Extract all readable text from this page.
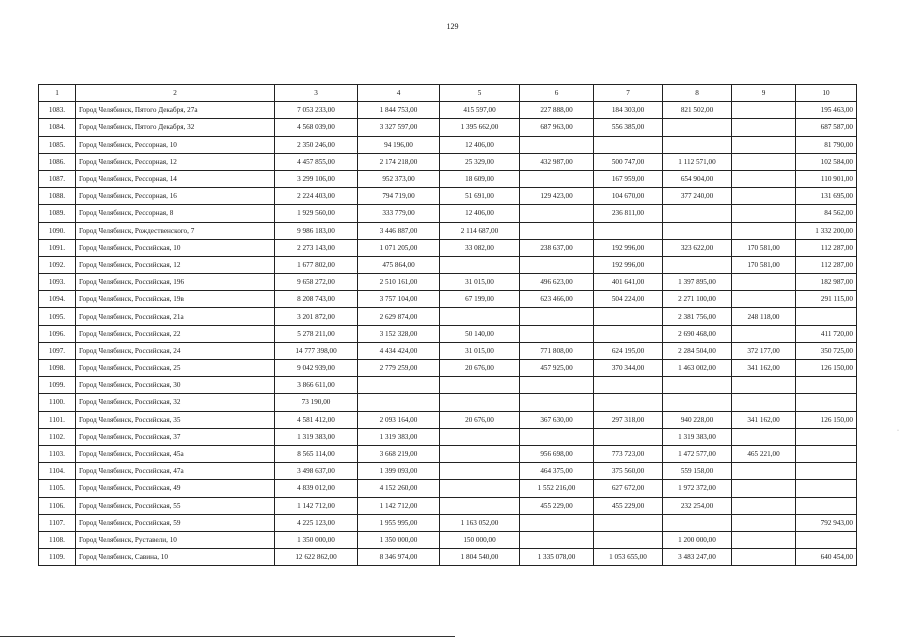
129
1	2	3	4	5	6	7	8	9	10
1083.	Город Челябинск, Пятого Декабря, 27а	7 053 233,00	1 844 753,00	415 597,00	227 888,00	184 303,00	821 502,00		195 463,00
1084.	Город Челябинск, Пятого Декабря, 32	4 568 039,00	3 327 597,00	1 395 662,00	687 963,00	556 385,00			687 587,00
1085.	Город Челябинск, Рессорная, 10	2 350 246,00	94 196,00	12 406,00					81 790,00
1086.	Город Челябинск, Рессорная, 12	4 457 855,00	2 174 218,00	25 329,00	432 987,00	500 747,00	1 112 571,00		102 584,00
1087.	Город Челябинск, Рессорная, 14	3 299 106,00	952 373,00	18 609,00		167 959,00	654 904,00		110 901,00
1088.	Город Челябинск, Рессорная, 16	2 224 403,00	794 719,00	51 691,00	129 423,00	104 670,00	377 240,00		131 695,00
1089.	Город Челябинск, Рессорная, 8	1 929 560,00	333 779,00	12 406,00		236 811,00			84 562,00
1090.	Город Челябинск, Рождественского, 7	9 986 183,00	3 446 887,00	2 114 687,00					1 332 200,00
1091.	Город Челябинск, Российская, 10	2 273 143,00	1 071 205,00	33 082,00	238 637,00	192 996,00	323 622,00	170 581,00	112 287,00
1092.	Город Челябинск, Российская, 12	1 677 802,00	475 864,00			192 996,00		170 581,00	112 287,00
1093.	Город Челябинск, Российская, 196	9 658 272,00	2 510 161,00	31 015,00	496 623,00	401 641,00	1 397 895,00		182 987,00
1094.	Город Челябинск, Российская, 19в	8 208 743,00	3 757 104,00	67 199,00	623 466,00	504 224,00	2 271 100,00		291 115,00
1095.	Город Челябинск, Российская, 21а	3 201 872,00	2 629 874,00				2 381 756,00	248 118,00	
1096.	Город Челябинск, Российская, 22	5 278 211,00	3 152 328,00	50 140,00			2 690 468,00		411 720,00
1097.	Город Челябинск, Российская, 24	14 777 398,00	4 434 424,00	31 015,00	771 808,00	624 195,00	2 284 504,00	372 177,00	350 725,00
1098.	Город Челябинск, Российская, 25	9 042 939,00	2 779 259,00	20 676,00	457 925,00	370 344,00	1 463 002,00	341 162,00	126 150,00
1099.	Город Челябинск, Российская, 30	3 866 611,00							
1100.	Город Челябинск, Российская, 32	73 190,00							
1101.	Город Челябинск, Российская, 35	4 581 412,00	2 093 164,00	20 676,00	367 630,00	297 318,00	940 228,00	341 162,00	126 150,00
1102.	Город Челябинск, Российская, 37	1 319 383,00	1 319 383,00				1 319 383,00		
1103.	Город Челябинск, Российская, 45а	8 565 114,00	3 668 219,00		956 698,00	773 723,00	1 472 577,00	465 221,00	
1104.	Город Челябинск, Российская, 47а	3 498 637,00	1 399 093,00		464 375,00	375 560,00	559 158,00		
1105.	Город Челябинск, Российская, 49	4 839 012,00	4 152 260,00		1 552 216,00	627 672,00	1 972 372,00		
1106.	Город Челябинск, Российская, 55	1 142 712,00	1 142 712,00		455 229,00	455 229,00	232 254,00		
1107.	Город Челябинск, Российская, 59	4 225 123,00	1 955 995,00	1 163 052,00					792 943,00
1108.	Город Челябинск, Руставели, 10	1 350 000,00	1 350 000,00	150 000,00			1 200 000,00		
1109.	Город Челябинск, Савина, 10	12 622 862,00	8 346 974,00	1 804 540,00	1 335 078,00	1 053 655,00	3 483 247,00		640 454,00
·
